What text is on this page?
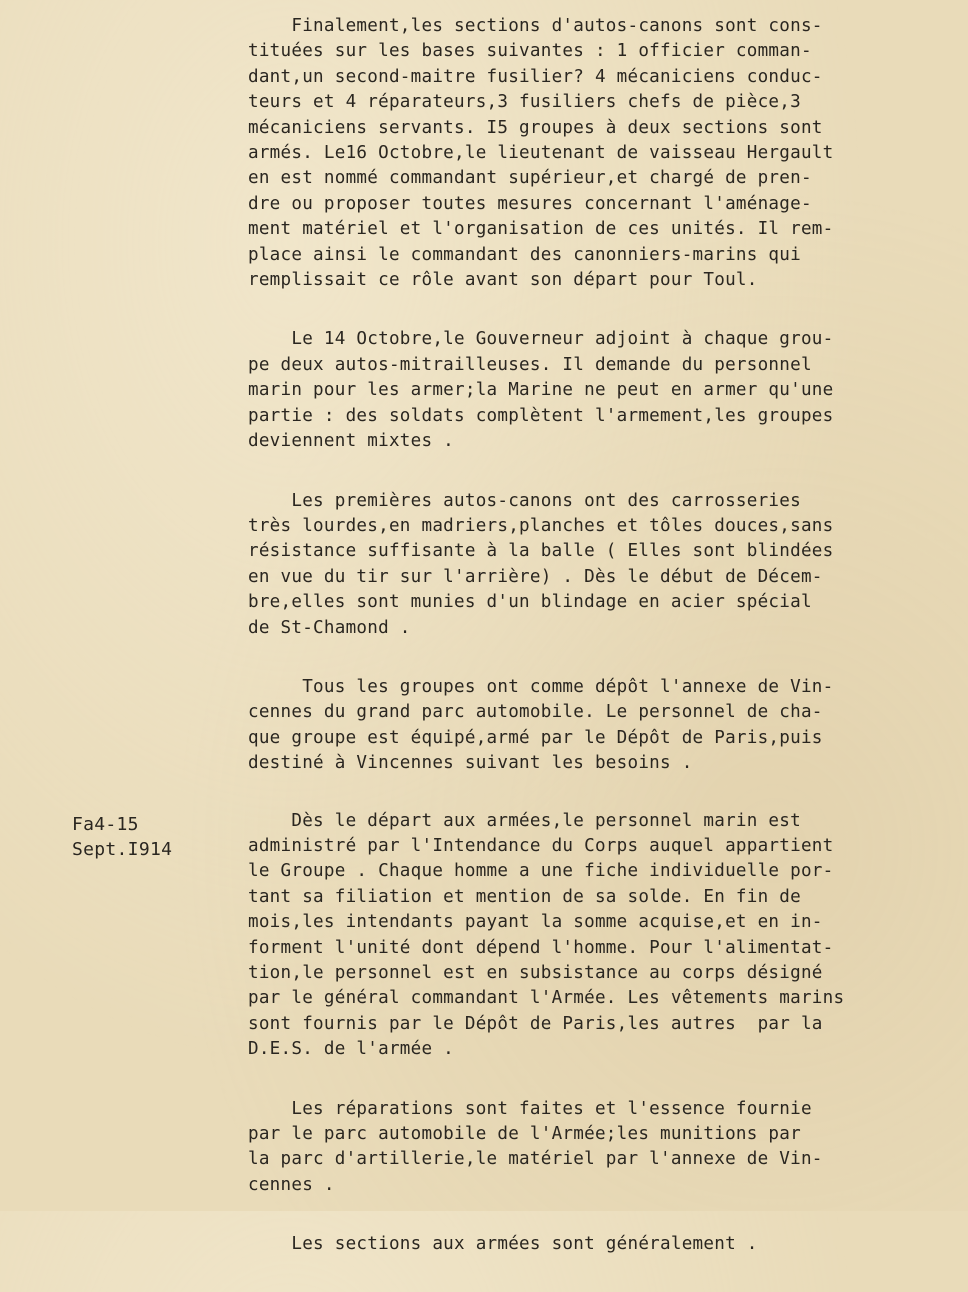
Fa4-15
Sept.I914
Finalement,les sections d'autos-canons sont cons-
tituées sur les bases suivantes : 1 officier comman-
dant,un second-maitre fusilier? 4 mécaniciens conduc-
teurs et 4 réparateurs,3 fusiliers chefs de pièce,3
mécaniciens servants. I5 groupes à deux sections sont
armés. Le16 Octobre,le lieutenant de vaisseau Hergault
en est nommé commandant supérieur,et chargé de pren-
dre ou proposer toutes mesures concernant l'aménage-
ment matériel et l'organisation de ces unités. Il rem-
place ainsi le commandant des canonniers-marins qui
remplissait ce rôle avant son départ pour Toul.
Le 14 Octobre,le Gouverneur adjoint à chaque grou-
pe deux autos-mitrailleuses. Il demande du personnel
marin pour les armer;la Marine ne peut en armer qu'une
partie : des soldats complètent l'armement,les groupes
deviennent mixtes .
Les premières autos-canons ont des carrosseries
très lourdes,en madriers,planches et tôles douces,sans
résistance suffisante à la balle ( Elles sont blindées
en vue du tir sur l'arrière) . Dès le début de Décem-
bre,elles sont munies d'un blindage en acier spécial
de St-Chamond .
Tous les groupes ont comme dépôt l'annexe de Vin-
cennes du grand parc automobile. Le personnel de cha-
que groupe est équipé,armé par le Dépôt de Paris,puis
destiné à Vincennes suivant les besoins .
Dès le départ aux armées,le personnel marin est
administré par l'Intendance du Corps auquel appartient
le Groupe . Chaque homme a une fiche individuelle por-
tant sa filiation et mention de sa solde. En fin de
mois,les intendants payant la somme acquise,et en in-
forment l'unité dont dépend l'homme. Pour l'alimentat-
tion,le personnel est en subsistance au corps désigné
par le général commandant l'Armée. Les vêtements marins
sont fournis par le Dépôt de Paris,les autres  par la
D.E.S. de l'armée .
Les réparations sont faites et l'essence fournie
par le parc automobile de l'Armée;les munitions par
la parc d'artillerie,le matériel par l'annexe de Vin-
cennes .
Les sections aux armées sont généralement .
